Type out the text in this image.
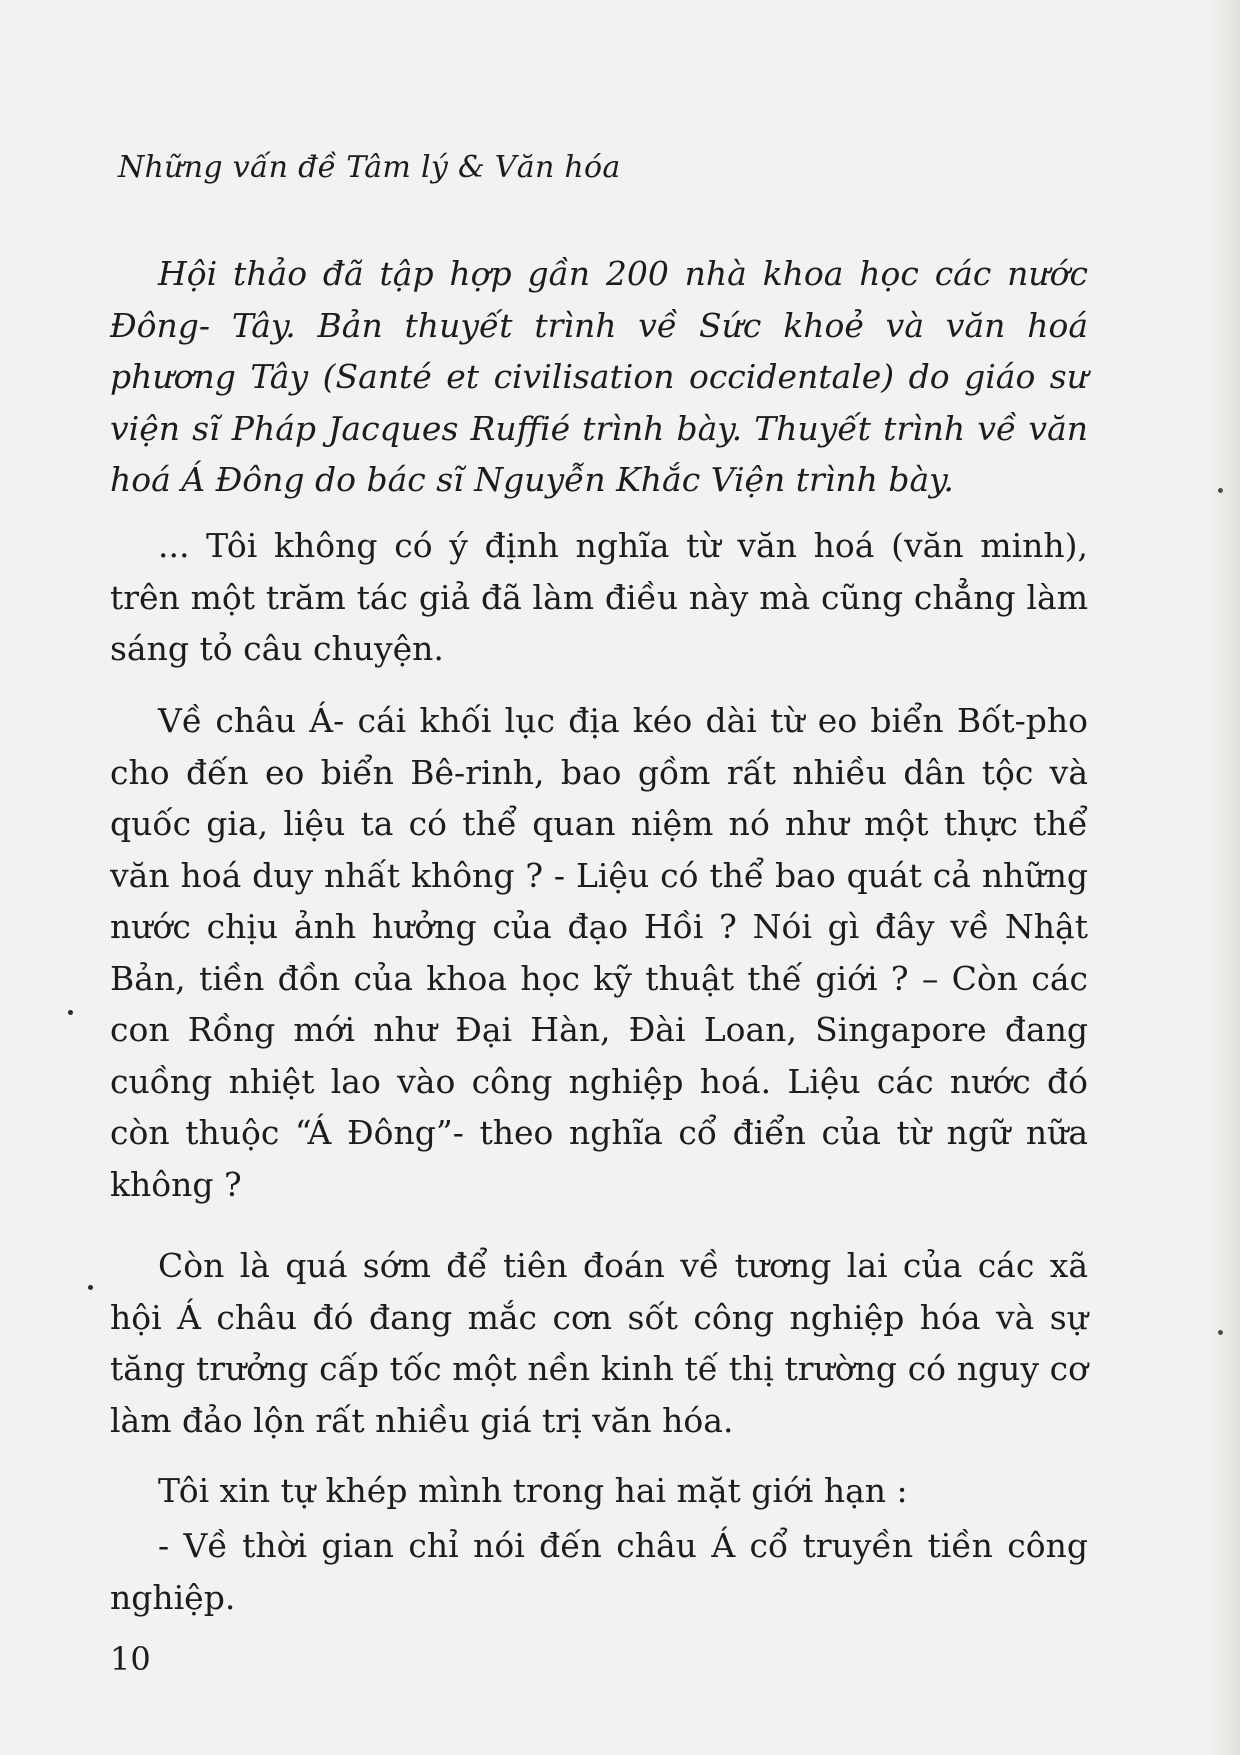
Những vấn đề Tâm lý & Văn hóa

Hội thảo đã tập hợp gần 200 nhà khoa học các nước Đông- Tây. Bản thuyết trình về Sức khoẻ và văn hoá phương Tây (Santé et civilisation occidentale) do giáo sư viện sĩ Pháp Jacques Ruffié trình bày. Thuyết trình về văn hoá Á Đông do bác sĩ Nguyễn Khắc Viện trình bày.

... Tôi không có ý định nghĩa từ văn hoá (văn minh), trên một trăm tác giả đã làm điều này mà cũng chẳng làm sáng tỏ câu chuyện.

Về châu Á- cái khối lục địa kéo dài từ eo biển Bốt-pho cho đến eo biển Bê-rinh, bao gồm rất nhiều dân tộc và quốc gia, liệu ta có thể quan niệm nó như một thực thể văn hoá duy nhất không ? - Liệu có thể bao quát cả những nước chịu ảnh hưởng của đạo Hồi ? Nói gì đây về Nhật Bản, tiền đồn của khoa học kỹ thuật thế giới ? – Còn các con Rồng mới như Đại Hàn, Đài Loan, Singapore đang cuồng nhiệt lao vào công nghiệp hoá. Liệu các nước đó còn thuộc “Á Đông”- theo nghĩa cổ điển của từ ngữ nữa không ?

Còn là quá sớm để tiên đoán về tương lai của các xã hội Á châu đó đang mắc cơn sốt công nghiệp hóa và sự tăng trưởng cấp tốc một nền kinh tế thị trường có nguy cơ làm đảo lộn rất nhiều giá trị văn hóa.

Tôi xin tự khép mình trong hai mặt giới hạn :

- Về thời gian chỉ nói đến châu Á cổ truyền tiền công nghiệp.

10
